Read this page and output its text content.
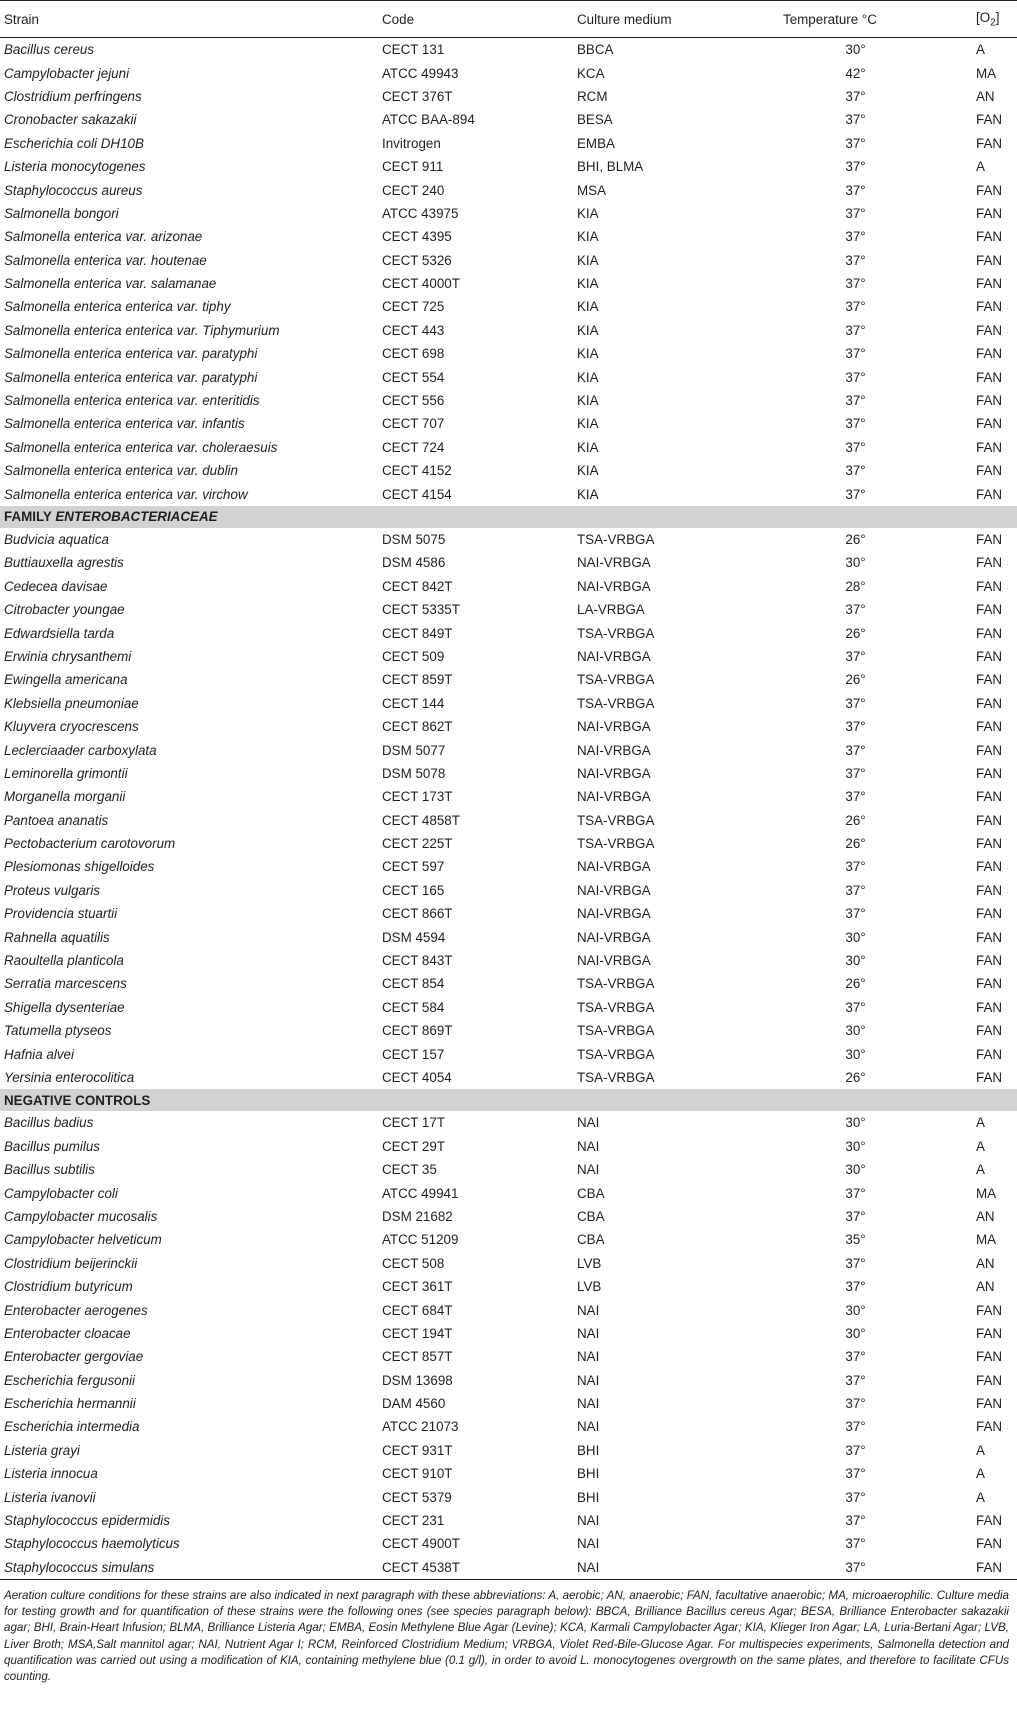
Strain	Code	Culture medium	Temperature °C	$[O_2]$
Bacillus cereus	CECT 131	BBCA	30°	A
Campylobacter jejuni	ATCC 49943	KCA	42°	MA
Clostridium perfringens	CECT 376T	RCM	37°	AN
Cronobacter sakazakii	ATCC BAA-894	BESA	37°	FAN
Escherichia coli DH10B	Invitrogen	EMBA	37°	FAN
Listeria monocytogenes	CECT 911	BHI, BLMA	37°	A
Staphylococcus aureus	CECT 240	MSA	37°	FAN
Salmonella bongori	ATCC 43975	KIA	37°	FAN
Salmonella enterica var. arizonae	CECT 4395	KIA	37°	FAN
Salmonella enterica var. houtenae	CECT 5326	KIA	37°	FAN
Salmonella enterica var. salamanae	CECT 4000T	KIA	37°	FAN
Salmonella enterica enterica var. tiphy	CECT 725	KIA	37°	FAN
Salmonella enterica enterica var. Tiphymurium	CECT 443	KIA	37°	FAN
Salmonella enterica enterica var. paratyphi	CECT 698	KIA	37°	FAN
Salmonella enterica enterica var. paratyphi	CECT 554	KIA	37°	FAN
Salmonella enterica enterica var. enteritidis	CECT 556	KIA	37°	FAN
Salmonella enterica enterica var. infantis	CECT 707	KIA	37°	FAN
Salmonella enterica enterica var. choleraesuis	CECT 724	KIA	37°	FAN
Salmonella enterica enterica var. dublin	CECT 4152	KIA	37°	FAN
Salmonella enterica enterica var. virchow	CECT 4154	KIA	37°	FAN
FAMILY ENTEROBACTERIACEAE				
Budvicia aquatica	DSM 5075	TSA-VRBGA	26°	FAN
Buttiauxella agrestis	DSM 4586	NAI-VRBGA	30°	FAN
Cedecea davisae	CECT 842T	NAI-VRBGA	28°	FAN
Citrobacter youngae	CECT 5335T	LA-VRBGA	37°	FAN
Edwardsiella tarda	CECT 849T	TSA-VRBGA	26°	FAN
Erwinia chrysanthemi	CECT 509	NAI-VRBGA	37°	FAN
Ewingella americana	CECT 859T	TSA-VRBGA	26°	FAN
Klebsiella pneumoniae	CECT 144	TSA-VRBGA	37°	FAN
Kluyvera cryocrescens	CECT 862T	NAI-VRBGA	37°	FAN
Leclerciaader carboxylata	DSM 5077	NAI-VRBGA	37°	FAN
Leminorella grimontii	DSM 5078	NAI-VRBGA	37°	FAN
Morganella morganii	CECT 173T	NAI-VRBGA	37°	FAN
Pantoea ananatis	CECT 4858T	TSA-VRBGA	26°	FAN
Pectobacterium carotovorum	CECT 225T	TSA-VRBGA	26°	FAN
Plesiomonas shigelloides	CECT 597	NAI-VRBGA	37°	FAN
Proteus vulgaris	CECT 165	NAI-VRBGA	37°	FAN
Providencia stuartii	CECT 866T	NAI-VRBGA	37°	FAN
Rahnella aquatilis	DSM 4594	NAI-VRBGA	30°	FAN
Raoultella planticola	CECT 843T	NAI-VRBGA	30°	FAN
Serratia marcescens	CECT 854	TSA-VRBGA	26°	FAN
Shigella dysenteriae	CECT 584	TSA-VRBGA	37°	FAN
Tatumella ptyseos	CECT 869T	TSA-VRBGA	30°	FAN
Hafnia alvei	CECT 157	TSA-VRBGA	30°	FAN
Yersinia enterocolitica	CECT 4054	TSA-VRBGA	26°	FAN
NEGATIVE CONTROLS				
Bacillus badius	CECT 17T	NAI	30°	A
Bacillus pumilus	CECT 29T	NAI	30°	A
Bacillus subtilis	CECT 35	NAI	30°	A
Campylobacter coli	ATCC 49941	CBA	37°	MA
Campylobacter mucosalis	DSM 21682	CBA	37°	AN
Campylobacter helveticum	ATCC 51209	CBA	35°	MA
Clostridium beijerinckii	CECT 508	LVB	37°	AN
Clostridium butyricum	CECT 361T	LVB	37°	AN
Enterobacter aerogenes	CECT 684T	NAI	30°	FAN
Enterobacter cloacae	CECT 194T	NAI	30°	FAN
Enterobacter gergoviae	CECT 857T	NAI	37°	FAN
Escherichia fergusonii	DSM 13698	NAI	37°	FAN
Escherichia hermannii	DAM 4560	NAI	37°	FAN
Escherichia intermedia	ATCC 21073	NAI	37°	FAN
Listeria grayi	CECT 931T	BHI	37°	A
Listeria innocua	CECT 910T	BHI	37°	A
Listeria ivanovii	CECT 5379	BHI	37°	A
Staphylococcus epidermidis	CECT 231	NAI	37°	FAN
Staphylococcus haemolyticus	CECT 4900T	NAI	37°	FAN
Staphylococcus simulans	CECT 4538T	NAI	37°	FAN

Aeration culture conditions for these strains are also indicated in next paragraph with these abbreviations: A, aerobic; AN, anaerobic; FAN, facultative anaerobic; MA, microaerophilic. Culture media for testing growth and for quantification of these strains were the following ones (see species paragraph below): BBCA, Brilliance Bacillus cereus Agar; BESA, Brilliance Enterobacter sakazakii agar; BHI, Brain-Heart Infusion; BLMA, Brilliance Listeria Agar; EMBA, Eosin Methylene Blue Agar (Levine); KCA, Karmali Campylobacter Agar; KIA, Klieger Iron Agar; LA, Luria-Bertani Agar; LVB, Liver Broth; MSA,Salt mannitol agar; NAI, Nutrient Agar I; RCM, Reinforced Clostridium Medium; VRBGA, Violet Red-Bile-Glucose Agar. For multispecies experiments, Salmonella detection and quantification was carried out using a modification of KIA, containing methylene blue (0.1 g/l), in order to avoid L. monocytogenes overgrowth on the same plates, and therefore to facilitate CFUs counting.
